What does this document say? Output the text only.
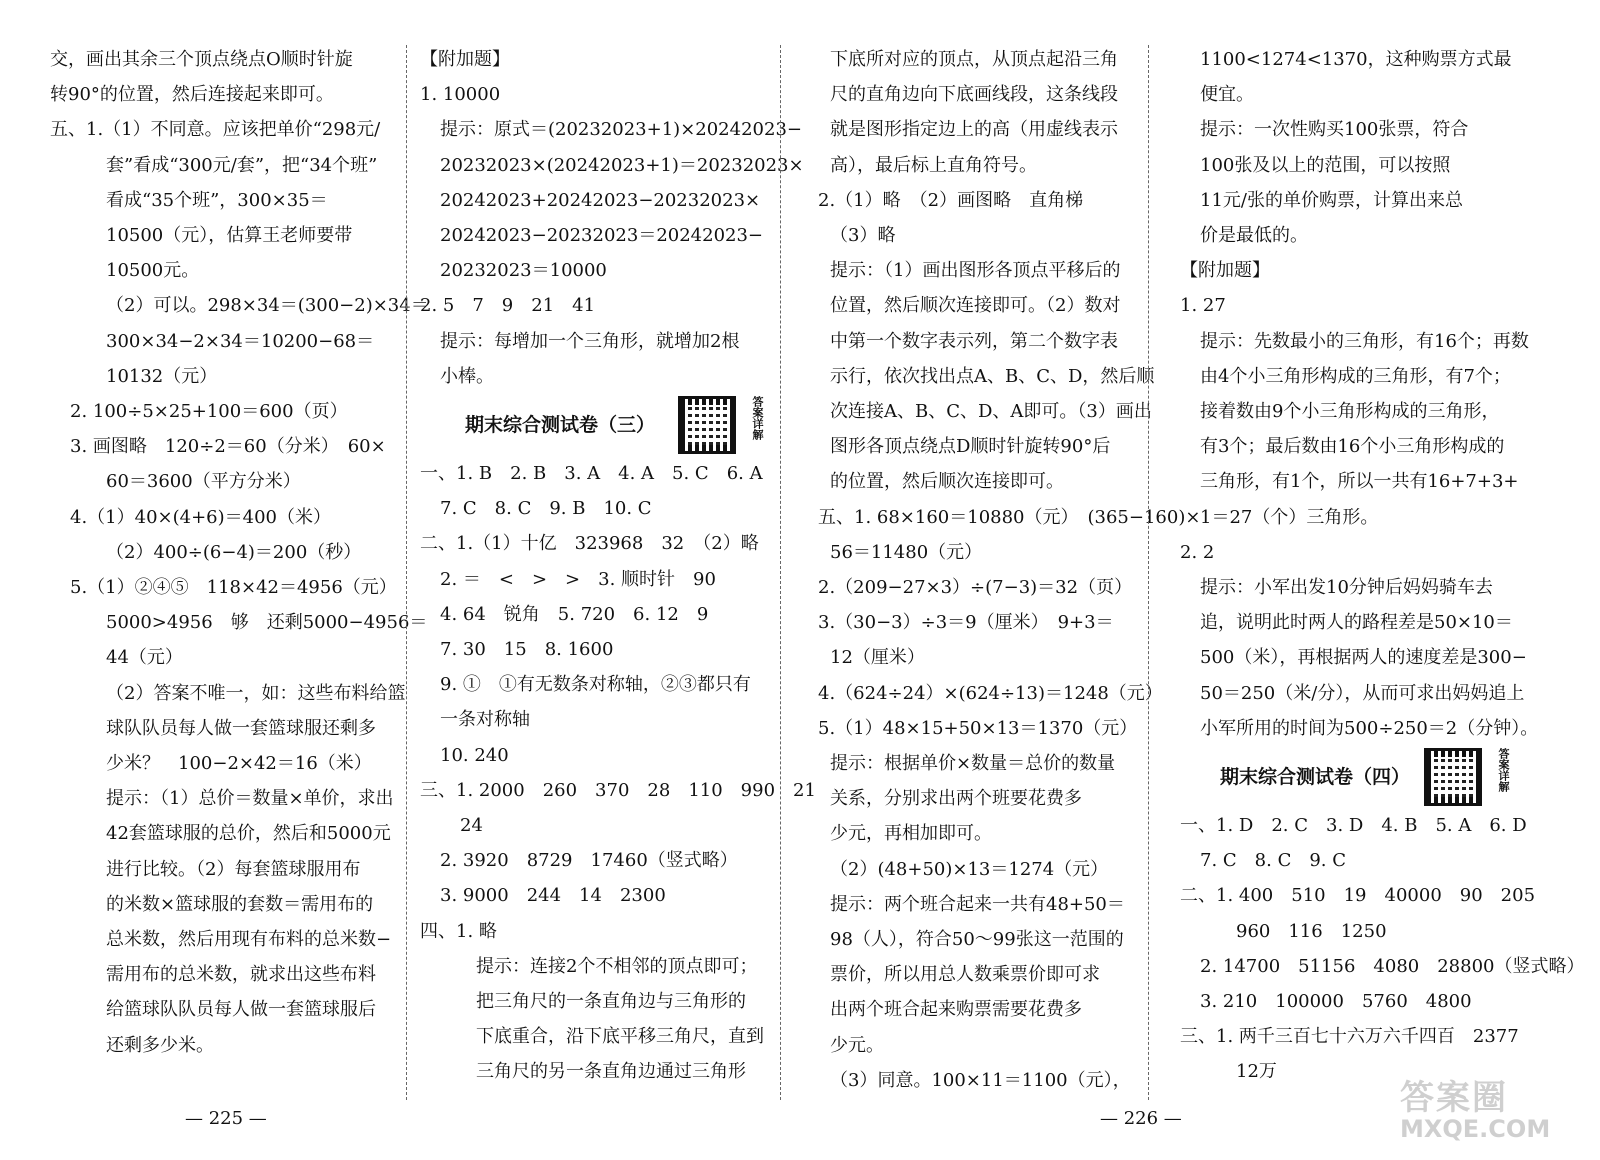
交，画出其余三个顶点绕点O顺时针旋
转90°的位置，然后连接起来即可。
五、1.（1）不同意。应该把单价“298元/
套”看成“300元/套”，把“34个班”
看成“35个班”，300×35＝
10500（元），估算王老师要带
10500元。
（2）可以。298×34＝(300−2)×34＝
300×34−2×34＝10200−68＝
10132（元）
2. 100÷5×25+100＝600（页）
3. 画图略　120÷2＝60（分米）　60×
60＝3600（平方分米）
4.（1）40×(4+6)＝400（米）
（2）400÷(6−4)＝200（秒）
5.（1）②④⑤　118×42＝4956（元）
5000>4956　够　还剩5000−4956＝
44（元）
（2）答案不唯一，如：这些布料给篮
球队队员每人做一套篮球服还剩多
少米？　100−2×42＝16（米）
提示：（1）总价＝数量×单价，求出
42套篮球服的总价，然后和5000元
进行比较。（2）每套篮球服用布
的米数×篮球服的套数＝需用布的
总米数，然后用现有布料的总米数−
需用布的总米数，就求出这些布料
给篮球队队员每人做一套篮球服后
还剩多少米。
【附加题】
1. 10000
提示：原式＝(20232023+1)×20242023−
20232023×(20242023+1)＝20232023×
20242023+20242023−20232023×
20242023−20232023＝20242023−
20232023＝10000
2. 5　7　9　21　41
提示：每增加一个三角形，就增加2根
小棒。
期末综合测试卷（三）	答案详解
一、1. B　2. B　3. A　4. A　5. C　6. A
7. C　8. C　9. B　10. C
二、1.（1）十亿　323968　32　（2）略
2. ＝　<　>　>　3. 顺时针　90
4. 64　锐角　5. 720　6. 12　9
7. 30　15　8. 1600
9. ①　①有无数条对称轴，②③都只有
一条对称轴
10. 240
三、1. 2000　260　370　28　110　990　21
24
2. 3920　8729　17460（竖式略）
3. 9000　244　14　2300
四、1. 略
提示：连接2个不相邻的顶点即可；
把三角尺的一条直角边与三角形的
下底重合，沿下底平移三角尺，直到
三角尺的另一条直角边通过三角形
下底所对应的顶点，从顶点起沿三角
尺的直角边向下底画线段，这条线段
就是图形指定边上的高（用虚线表示
高），最后标上直角符号。
2.（1）略　（2）画图略　直角梯
（3）略
提示：（1）画出图形各顶点平移后的
位置，然后顺次连接即可。（2）数对
中第一个数字表示列，第二个数字表
示行，依次找出点A、B、C、D，然后顺
次连接A、B、C、D、A即可。（3）画出
图形各顶点绕点D顺时针旋转90°后
的位置，然后顺次连接即可。
五、1. 68×160＝10880（元）　(365−160)×
56＝11480（元）
2.（209−27×3）÷(7−3)＝32（页）
3.（30−3）÷3＝9（厘米）　9+3＝
12（厘米）
4.（624÷24）×(624÷13)＝1248（元）
5.（1）48×15+50×13＝1370（元）
提示：根据单价×数量＝总价的数量
关系，分别求出两个班要花费多
少元，再相加即可。
（2）(48+50)×13＝1274（元）
提示：两个班合起来一共有48+50＝
98（人），符合50～99张这一范围的
票价，所以用总人数乘票价即可求
出两个班合起来购票需要花费多
少元。
（3）同意。100×11＝1100（元），
1100<1274<1370，这种购票方式最
便宜。
提示：一次性购买100张票，符合
100张及以上的范围，可以按照
11元/张的单价购票，计算出来总
价是最低的。
【附加题】
1. 27
提示：先数最小的三角形，有16个；再数
由4个小三角形构成的三角形，有7个；
接着数由9个小三角形构成的三角形，
有3个；最后数由16个小三角形构成的
三角形，有1个，所以一共有16+7+3+
1＝27（个）三角形。
2. 2
提示：小军出发10分钟后妈妈骑车去
追，说明此时两人的路程差是50×10＝
500（米），再根据两人的速度差是300−
50＝250（米/分），从而可求出妈妈追上
小军所用的时间为500÷250＝2（分钟）。
期末综合测试卷（四）	答案详解
一、1. D　2. C　3. D　4. B　5. A　6. D
7. C　8. C　9. C
二、1. 400　510　19　40000　90　205
960　116　1250
2. 14700　51156　4080　28800（竖式略）
3. 210　100000　5760　4800
三、1. 两千三百七十六万六千四百　2377
12万
— 225 —	— 226 —
答案圈
MXQE.COM
